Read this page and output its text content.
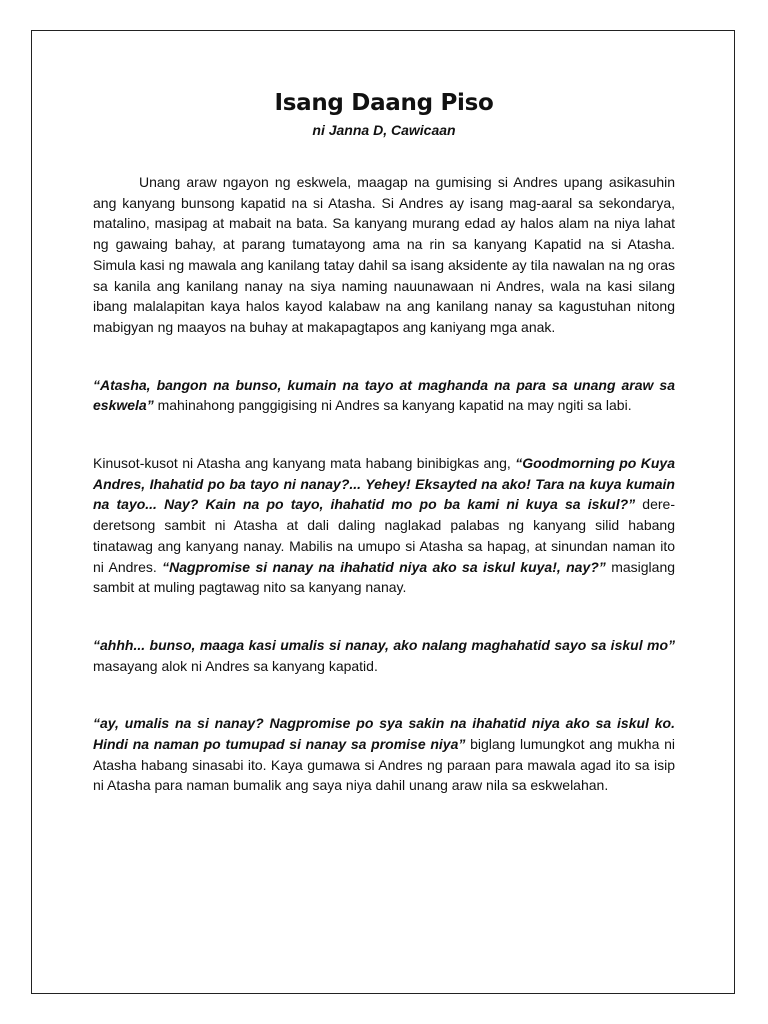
Isang Daang Piso

ni Janna D, Cawicaan

Unang araw ngayon ng eskwela, maagap na gumising si Andres upang asikasuhin ang kanyang bunsong kapatid na si Atasha. Si Andres ay isang mag-aaral sa sekondarya, matalino, masipag at mabait na bata. Sa kanyang murang edad ay halos alam na niya lahat ng gawaing bahay, at parang tumatayong ama na rin sa kanyang Kapatid na si Atasha. Simula kasi ng mawala ang kanilang tatay dahil sa isang aksidente ay tila nawalan na ng oras sa kanila ang kanilang nanay na siya naming nauunawaan ni Andres, wala na kasi silang ibang malalapitan kaya halos kayod kalabaw na ang kanilang nanay sa kagustuhan nitong mabigyan ng maayos na buhay at makapagtapos ang kaniyang mga anak.

“Atasha, bangon na bunso, kumain na tayo at maghanda na para sa unang araw sa eskwela” mahinahong panggigising ni Andres sa kanyang kapatid na may ngiti sa labi.

Kinusot-kusot ni Atasha ang kanyang mata habang binibigkas ang, “Goodmorning po Kuya Andres, Ihahatid po ba tayo ni nanay?... Yehey! Eksayted na ako! Tara na kuya kumain na tayo... Nay? Kain na po tayo, ihahatid mo po ba kami ni kuya sa iskul?” dere-deretsong sambit ni Atasha at dali daling naglakad palabas ng kanyang silid habang tinatawag ang kanyang nanay. Mabilis na umupo si Atasha sa hapag, at sinundan naman ito ni Andres. “Nagpromise si nanay na ihahatid niya ako sa iskul kuya!, nay?” masiglang sambit at muling pagtawag nito sa kanyang nanay.

“ahhh... bunso, maaga kasi umalis si nanay, ako nalang maghahatid sayo sa iskul mo” masayang alok ni Andres sa kanyang kapatid.

“ay, umalis na si nanay? Nagpromise po sya sakin na ihahatid niya ako sa iskul ko. Hindi na naman po tumupad si nanay sa promise niya” biglang lumungkot ang mukha ni Atasha habang sinasabi ito. Kaya gumawa si Andres ng paraan para mawala agad ito sa isip ni Atasha para naman bumalik ang saya niya dahil unang araw nila sa eskwelahan.
